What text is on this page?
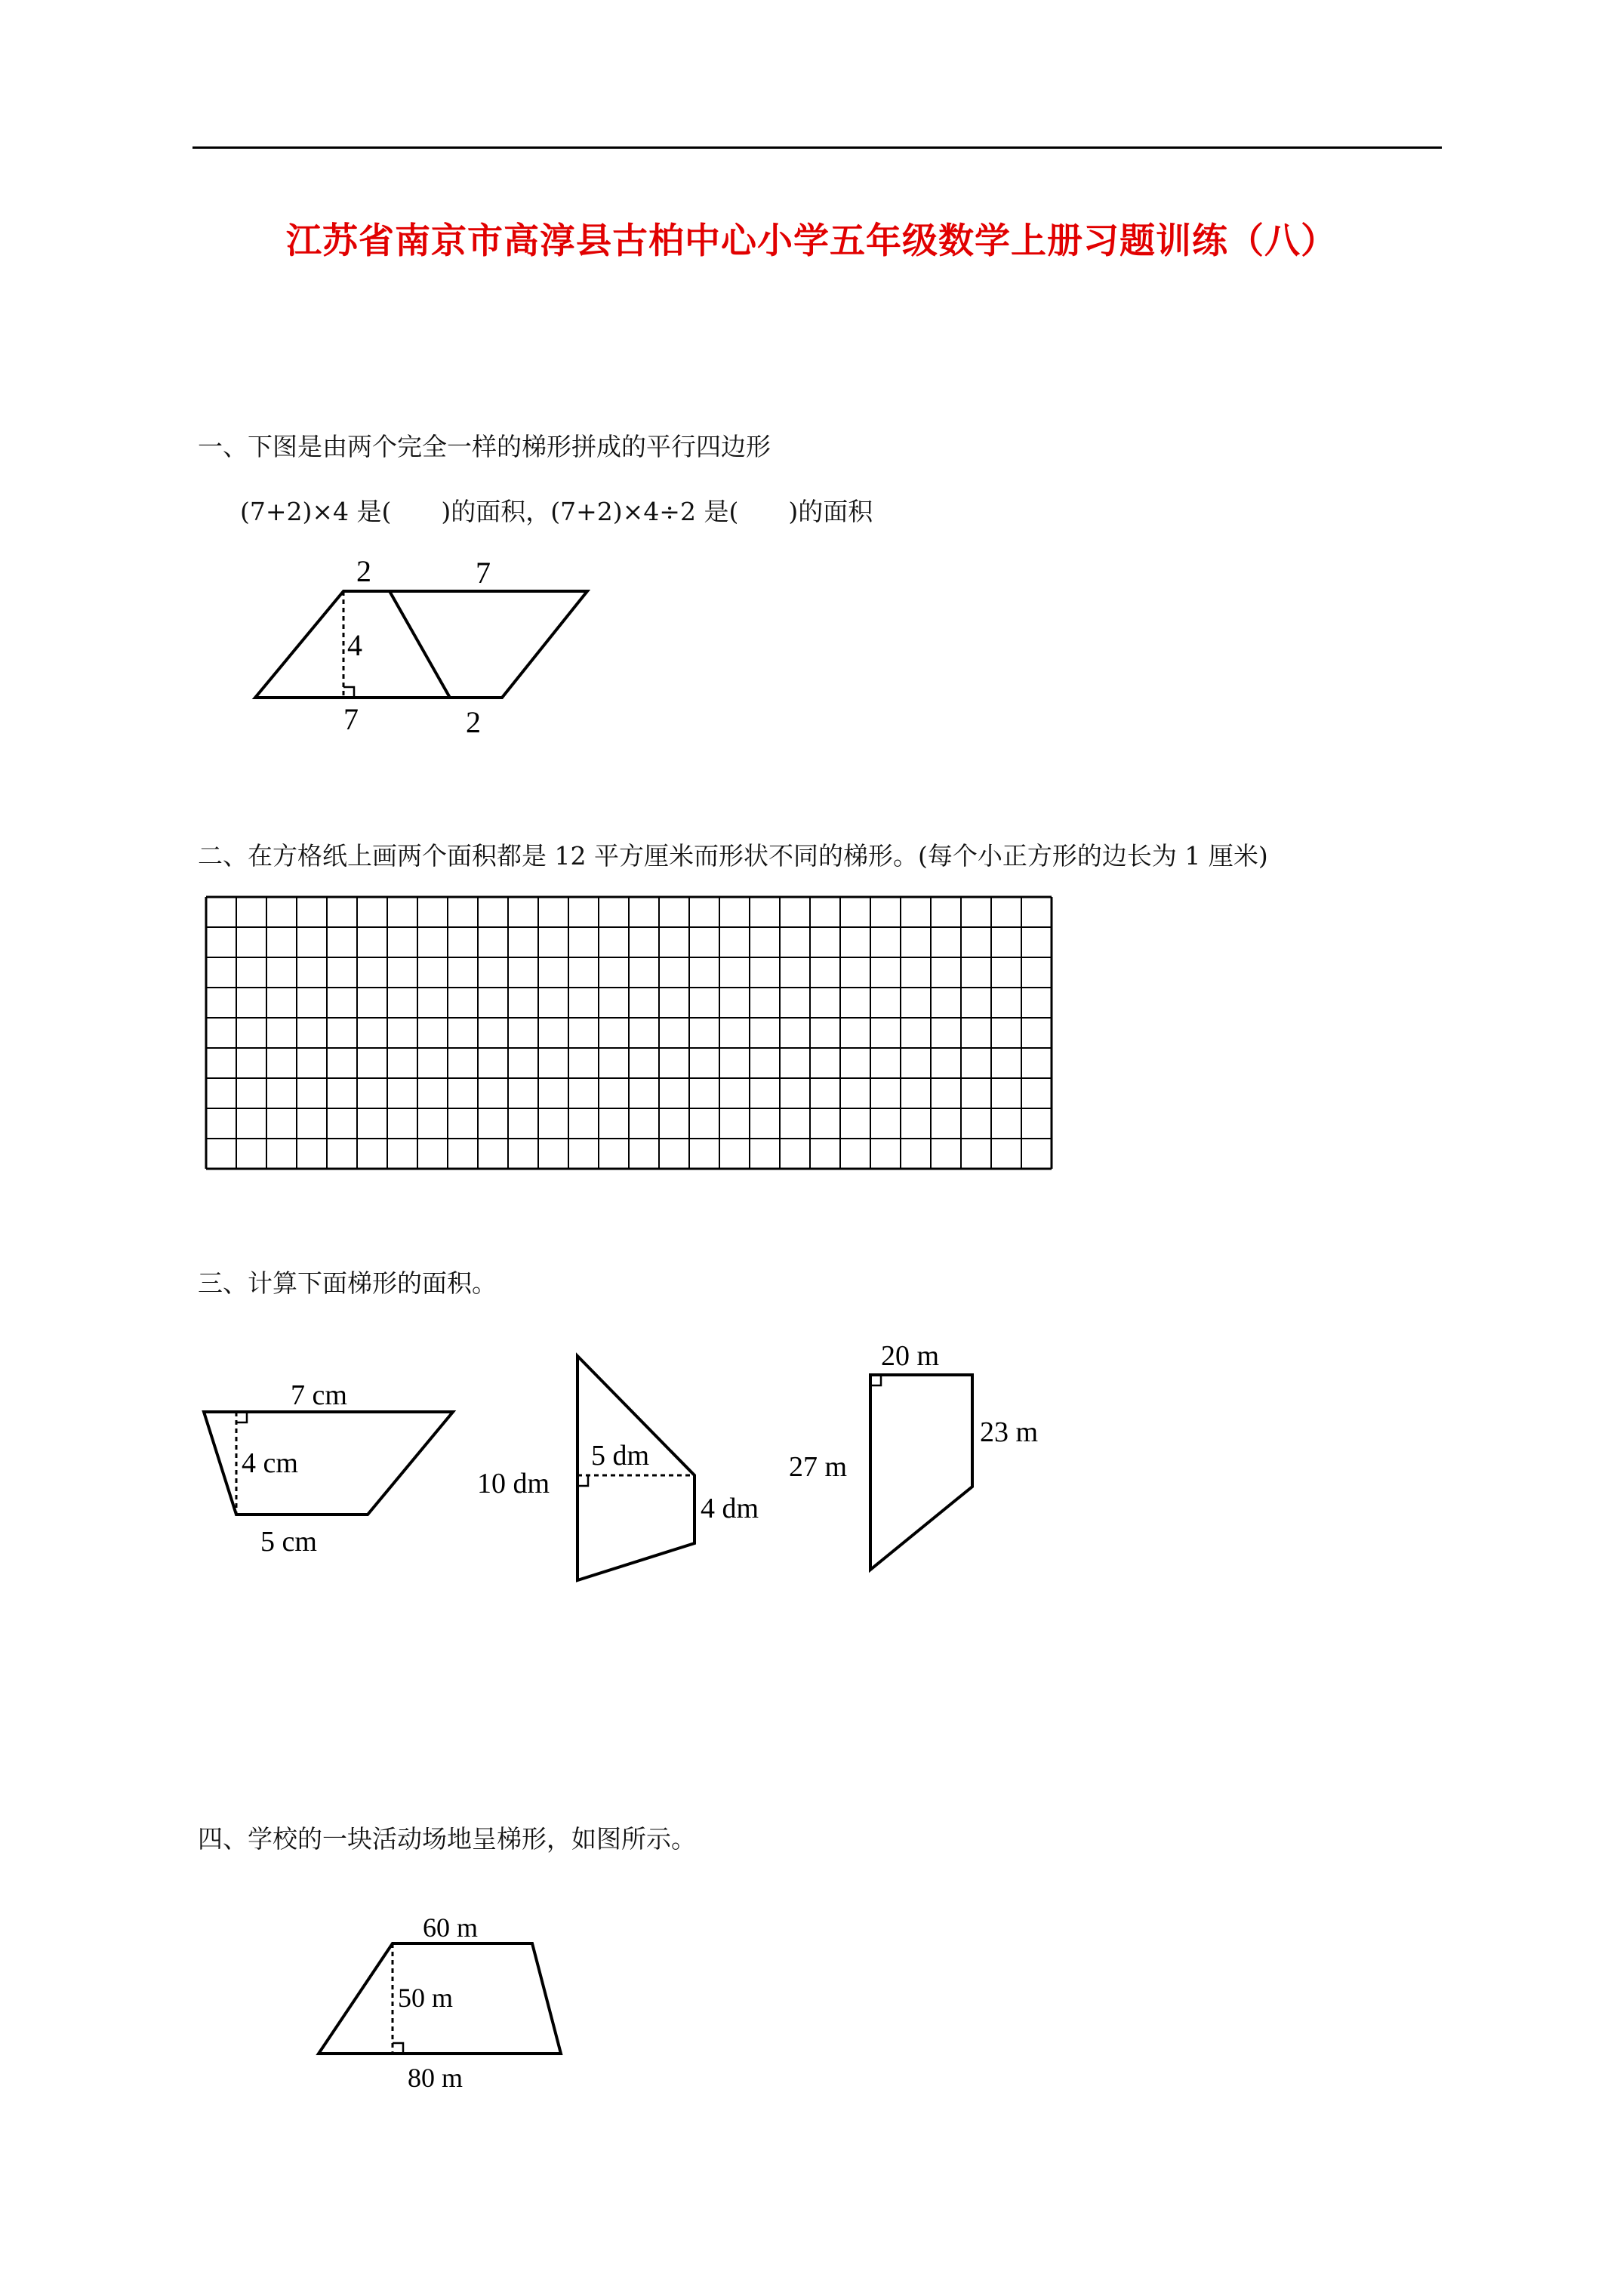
江苏省南京市高淳县古柏中心小学五年级数学上册习题训练（八）
一、下图是由两个完全一样的梯形拼成的平行四边形
(7+2)×4 是(　　)的面积，(7+2)×4÷2 是(　　)的面积
2	7
4
7	2
二、在方格纸上画两个面积都是 12 平方厘米而形状不同的梯形。(每个小正方形的边长为 1 厘米)
三、计算下面梯形的面积。
7 cm
4 cm
5 cm
5 dm
10 dm
4 dm
20 m
27 m
23 m
四、学校的一块活动场地呈梯形，如图所示。
60 m
50 m
80 m
